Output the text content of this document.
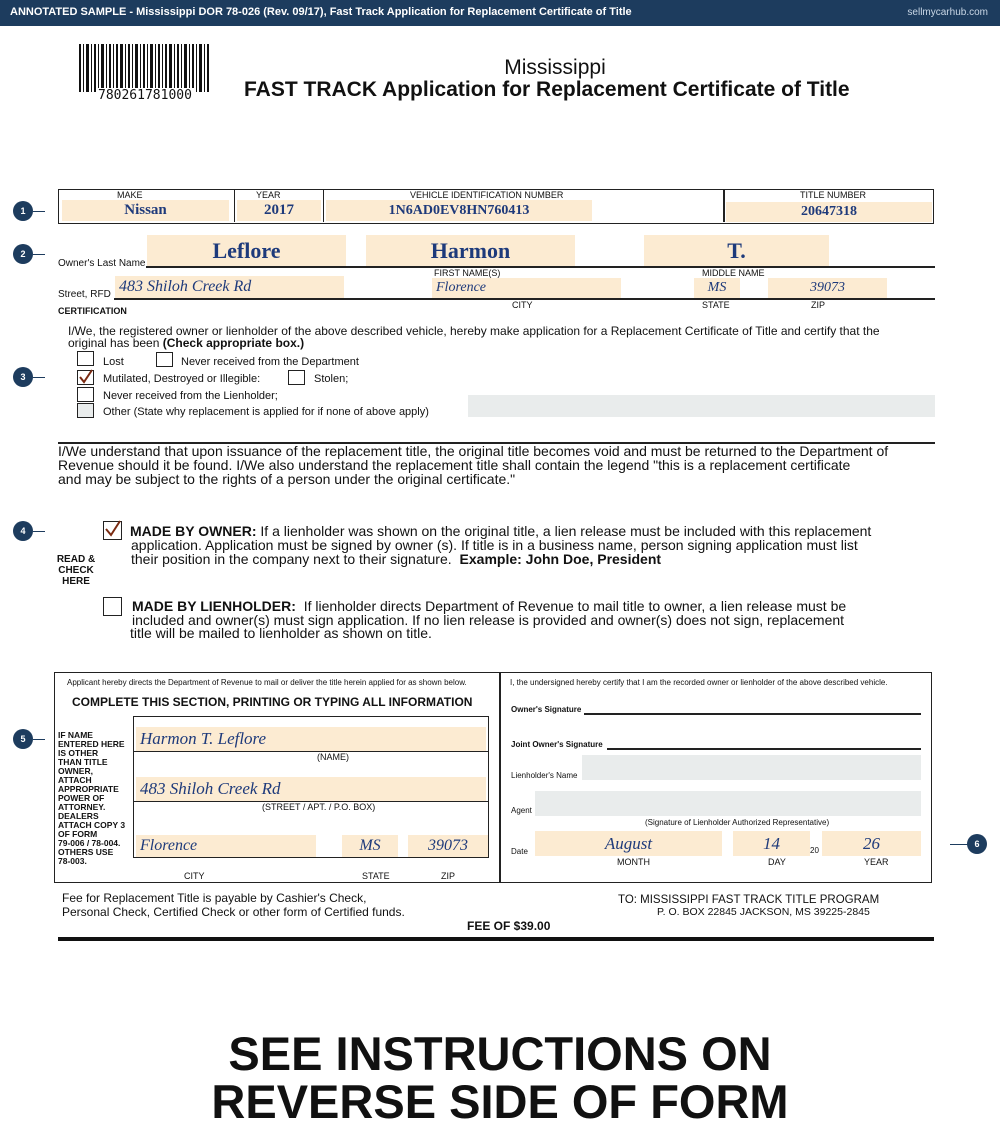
ANNOTATED SAMPLE - Mississippi DOR 78-026 (Rev. 09/17), Fast Track Application for Replacement Certificate of Title	sellmycarhub.com
780261781000
Mississippi
FAST TRACK Application for Replacement Certificate of Title
1
2
3
4
5
6
MAKE
Nissan
YEAR
2017
VEHICLE IDENTIFICATION NUMBER
1N6AD0EV8HN760413
TITLE NUMBER
20647318
Owner's Last Name
Leflore	Harmon	T.
FIRST NAME(S)	MIDDLE NAME
Street, RFD 483 Shiloh Creek Rd	Florence	MS	39073
CITY	STATE	ZIP
CERTIFICATION
I/We, the registered owner or lienholder of the above described vehicle, hereby make application for a Replacement Certificate of Title and certify that the
original has been (Check appropriate box.)
Lost	Never received from the Department
Mutilated, Destroyed or Illegible:	Stolen;
Never received from the Lienholder;
Other (State why replacement is applied for if none of above apply)
I/We understand that upon issuance of the replacement title, the original title becomes void and must be returned to the Department of
Revenue should it be found. I/We also understand the replacement title shall contain the legend "this is a replacement certificate
and may be subject to the rights of a person under the original certificate."
READ &
CHECK
HERE
MADE BY OWNER: If a lienholder was shown on the original title, a lien release must be included with this replacement
application. Application must be signed by owner (s). If title is in a business name, person signing application must list
their position in the company next to their signature. Example: John Doe, President
MADE BY LIENHOLDER: If lienholder directs Department of Revenue to mail title to owner, a lien release must be
included and owner(s) must sign application. If no lien release is provided and owner(s) does not sign, replacement
title will be mailed to lienholder as shown on title.
Applicant hereby directs the Department of Revenue to mail or deliver the title herein applied for as shown below.
COMPLETE THIS SECTION, PRINTING OR TYPING ALL INFORMATION
IF NAME
ENTERED HERE
IS OTHER
THAN TITLE
OWNER,
ATTACH
APPROPRIATE
POWER OF
ATTORNEY.
DEALERS
ATTACH COPY 3
OF FORM
79-006 / 78-004.
OTHERS USE
78-003.
Harmon T. Leflore
(NAME)
483 Shiloh Creek Rd
(STREET / APT. / P.O. BOX)
Florence	MS	39073
CITY	STATE	ZIP
I, the undersigned hereby certify that I am the recorded owner or lienholder of the above described vehicle.
Owner's Signature
Joint Owner's Signature
Lienholder's Name
Agent
(Signature of Lienholder Authorized Representative)
Date	August	14	26
20
MONTH	DAY	YEAR
Fee for Replacement Title is payable by Cashier's Check,
Personal Check, Certified Check or other form of Certified funds.
TO: MISSISSIPPI FAST TRACK TITLE PROGRAM
P. O. BOX 22845 JACKSON, MS 39225-2845
FEE OF $39.00
SEE INSTRUCTIONS ON
REVERSE SIDE OF FORM
